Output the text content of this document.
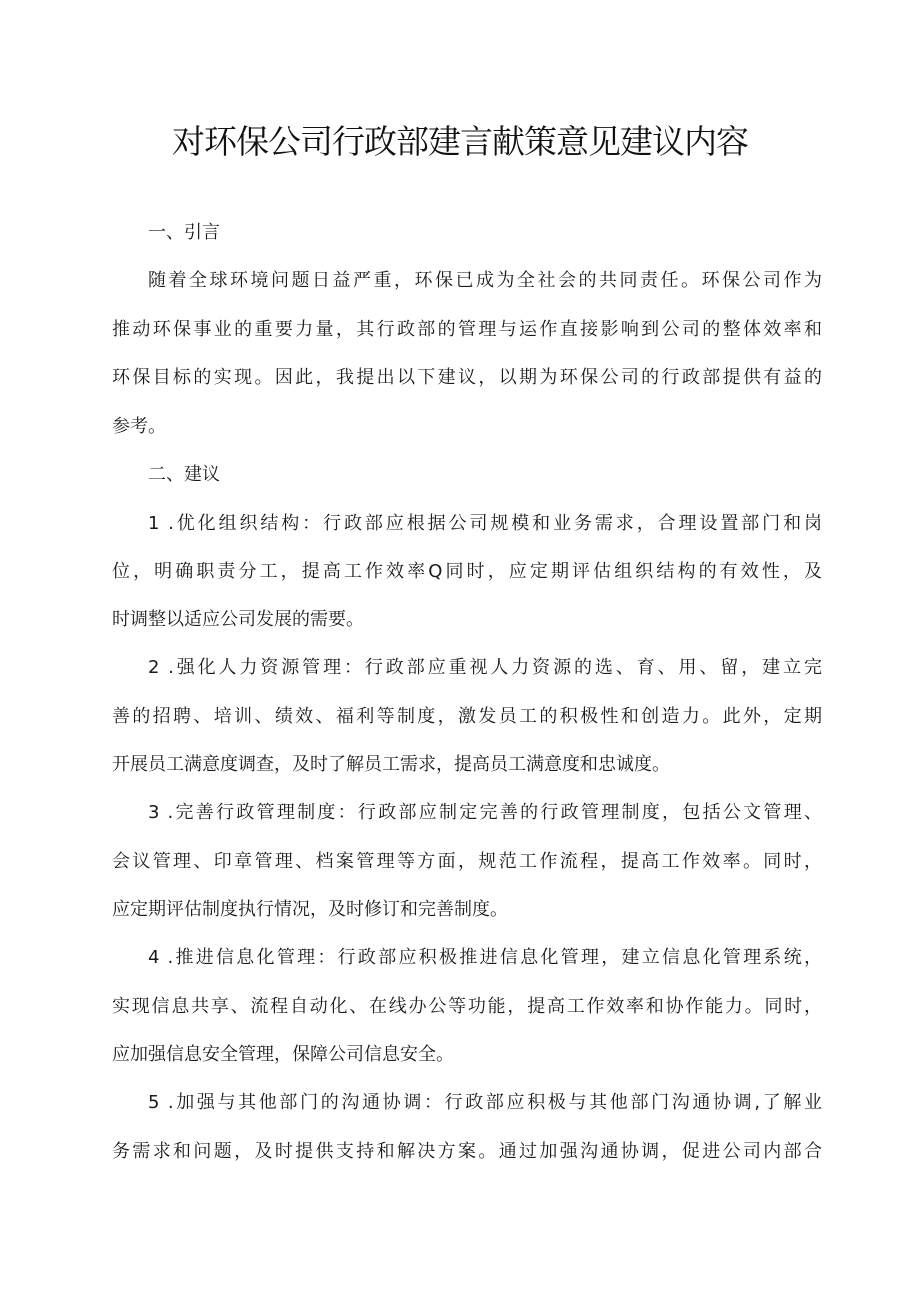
对环保公司行政部建言献策意见建议内容
一、引言
随着全球环境问题日益严重，环保已成为全社会的共同责任。环保公司作为
推动环保事业的重要力量，其行政部的管理与运作直接影响到公司的整体效率和
环保目标的实现。因此，我提出以下建议，以期为环保公司的行政部提供有益的
参考。
二、建议
1 .优化组织结构：行政部应根据公司规模和业务需求，合理设置部门和岗
位，明确职责分工，提高工作效率Q同时，应定期评估组织结构的有效性，及
时调整以适应公司发展的需要。
2 .强化人力资源管理：行政部应重视人力资源的选、育、用、留，建立完
善的招聘、培训、绩效、福利等制度，激发员工的积极性和创造力。此外，定期
开展员工满意度调查，及时了解员工需求，提高员工满意度和忠诚度。
3 .完善行政管理制度：行政部应制定完善的行政管理制度，包括公文管理、
会议管理、印章管理、档案管理等方面，规范工作流程，提高工作效率。同时，
应定期评估制度执行情况，及时修订和完善制度。
4 .推进信息化管理：行政部应积极推进信息化管理，建立信息化管理系统，
实现信息共享、流程自动化、在线办公等功能，提高工作效率和协作能力。同时，
应加强信息安全管理，保障公司信息安全。
5 .加强与其他部门的沟通协调：行政部应积极与其他部门沟通协调,了解业
务需求和问题，及时提供支持和解决方案。通过加强沟通协调，促进公司内部合
